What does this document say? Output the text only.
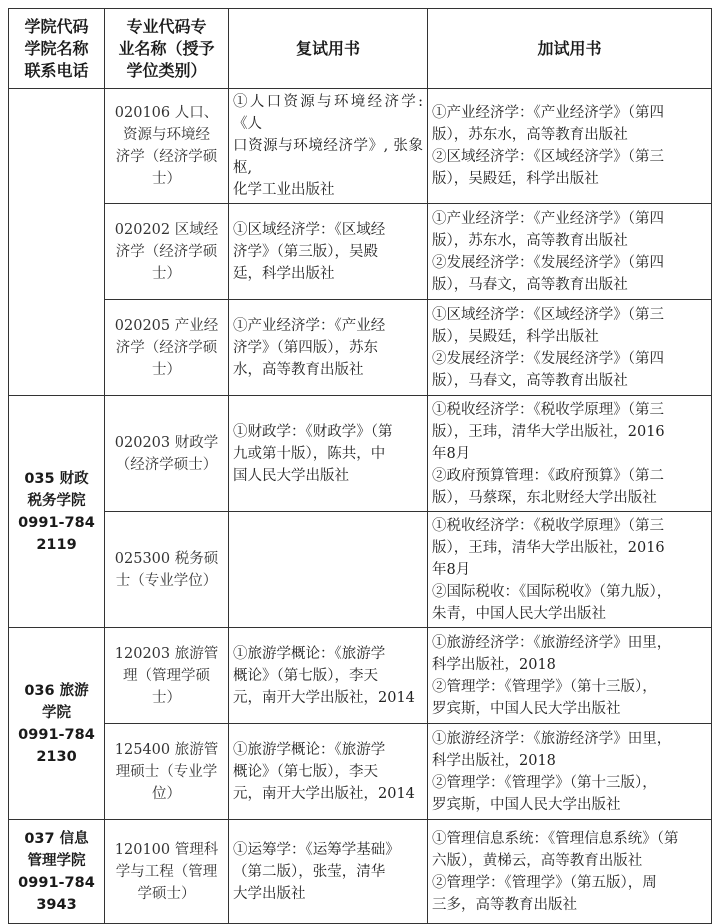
学院代码
学院名称
联系电话	专业代码专
业名称（授予
学位类别）	复试用书	加试用书

	020106 人口、
资源与环境经
济学（经济学硕
士）	①人口资源与环境经济学:《人
口资源与环境经济学》, 张象枢,
化学工业出版社	①产业经济学：《产业经济学》（第四
版），苏东水，高等教育出版社
②区域经济学：《区域经济学》（第三
版），吴殿廷，科学出版社

	020202 区域经
济学（经济学硕
士）	①区域经济学：《区域经
济学》（第三版），吴殿
廷，科学出版社	①产业经济学：《产业经济学》（第四
版），苏东水，高等教育出版社
②发展经济学：《发展经济学》（第四
版），马春文，高等教育出版社

	020205 产业经
济学（经济学硕
士）	①产业经济学：《产业经
济学》（第四版），苏东
水，高等教育出版社	①区域经济学：《区域经济学》（第三
版），吴殿廷，科学出版社
②发展经济学：《发展经济学》（第四
版），马春文，高等教育出版社

035 财政
税务学院
0991-784
2119	020203 财政学
（经济学硕士）	①财政学：《财政学》（第
九或第十版），陈共，中
国人民大学出版社	①税收经济学：《税收学原理》（第三
版），王玮，清华大学出版社，2016
年8月
②政府预算管理：《政府预算》（第二
版），马蔡琛，东北财经大学出版社

	025300 税务硕
士（专业学位）		①税收经济学：《税收学原理》（第三
版），王玮，清华大学出版社，2016
年8月
②国际税收：《国际税收》（第九版），
朱青，中国人民大学出版社

036 旅游
学院
0991-784
2130	120203 旅游管
理（管理学硕
士）	①旅游学概论：《旅游学
概论》（第七版），李天
元，南开大学出版社，2014	①旅游经济学：《旅游经济学》田里，
科学出版社，2018
②管理学：《管理学》（第十三版），
罗宾斯，中国人民大学出版社

	125400 旅游管
理硕士（专业学
位）	①旅游学概论：《旅游学
概论》（第七版），李天
元，南开大学出版社，2014	①旅游经济学：《旅游经济学》田里，
科学出版社，2018
②管理学：《管理学》（第十三版），
罗宾斯，中国人民大学出版社

037 信息
管理学院
0991-784
3943	120100 管理科
学与工程（管理
学硕士）	①运筹学：《运筹学基础》
（第二版），张莹，清华
大学出版社	①管理信息系统：《管理信息系统》（第
六版），黄梯云，高等教育出版社
②管理学：《管理学》（第五版），周
三多，高等教育出版社
